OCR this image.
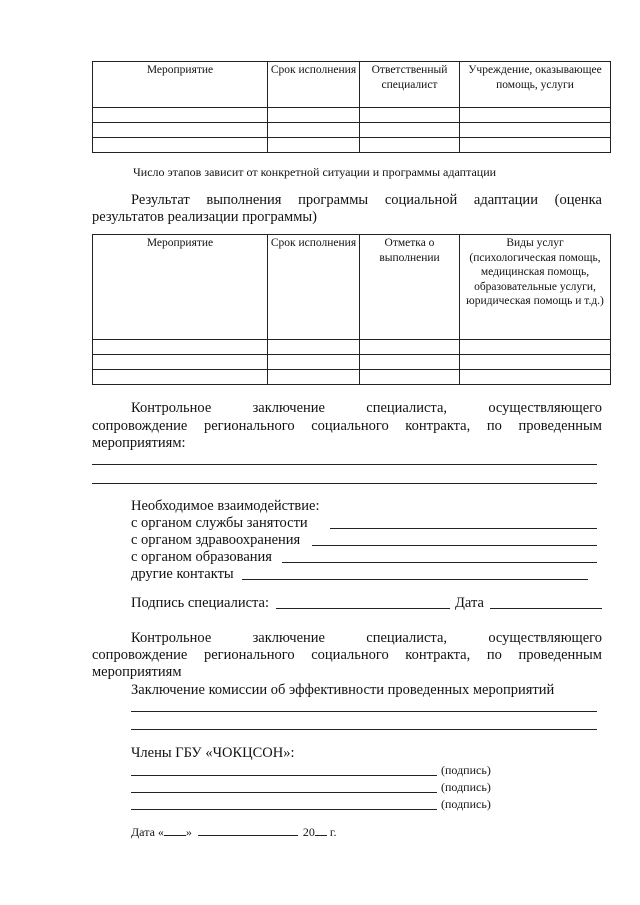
Мероприятие	Срок исполнения	Ответственный специалист	Учреждение, оказывающее помощь, услуги

Число этапов зависит от конкретной ситуации и программы адаптации
Результат выполнения программы социальной адаптации (оценка
результатов реализации программы)
Мероприятие	Срок исполнения	Отметка о выполнении	Виды услуг (психологическая помощь, медицинская помощь, образовательные услуги, юридическая помощь и т.д.)

Контрольное	заключение	специалиста,	осуществляющего
сопровождение регионального социального контракта, по проведенным
мероприятиям:
Необходимое взаимодействие:
с органом службы занятости
с органом здравоохранения
с органом образования
другие контакты
Подпись специалиста:	Дата
Контрольное	заключение	специалиста,	осуществляющего
сопровождение регионального социального контракта, по проведенным
мероприятиям
Заключение комиссии об эффективности проведенных мероприятий
Члены ГБУ «ЧОКЦСОН»:
(подпись)
(подпись)
(подпись)
Дата « »	20 г.
